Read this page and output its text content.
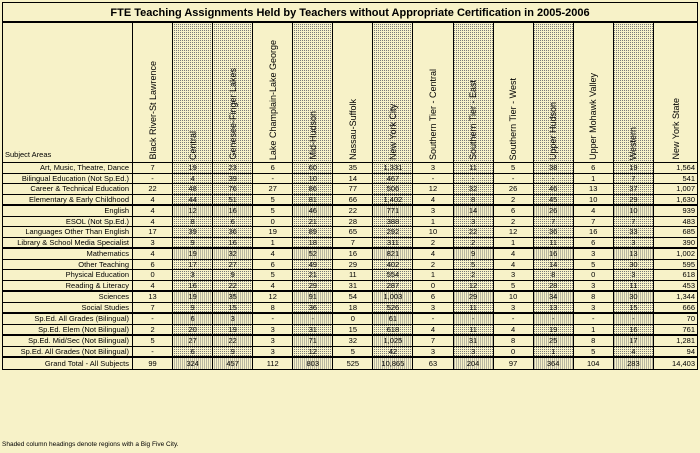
FTE Teaching Assignments Held by Teachers without Appropriate Certification in 2005-2006
Subject Areas	Black River-St Lawrence	Central	Genesee-Finger Lakes	Lake Champlain-Lake George	Mid-Hudson	Nassau-Suffolk	New York City	Southern Tier - Central	Southern Tier - East	Southern Tier - West	Upper Hudson	Upper Mohawk Valley	Western	New York State
Art, Music, Theatre, Dance	7	19	23	6	60	35	1,331	3	11	5	38	6	19	1,564
Bilingual Education (Not Sp.Ed.)	-	4	39	-	10	14	467	-	-	-	-	1	7	541
Career & Technical Education	22	48	76	27	86	77	506	12	32	26	46	13	37	1,007
Elementary & Early Childhood	4	44	51	5	81	66	1,402	4	8	2	45	10	29	1,630
English	4	12	16	5	46	22	771	3	14	6	26	4	10	939
ESOL (Not Sp.Ed.)	4	8	6	0	21	28	388	1	3	2	7	7	7	483
Languages Other Than English	17	39	36	19	89	65	292	10	22	12	36	16	33	685
Library & School Media Specialist	3	9	16	1	18	7	311	2	2	1	11	6	3	390
Mathematics	4	19	32	4	52	16	821	4	9	4	16	3	13	1,002
Other Teaching	6	17	27	6	49	29	402	2	5	4	14	5	30	595
Physical Education	0	3	9	5	21	11	554	1	2	3	8	0	3	618
Reading & Literacy	4	16	22	4	29	31	287	0	12	5	28	3	11	453
Sciences	13	19	35	12	91	54	1,003	6	29	10	34	8	30	1,344
Social Studies	7	9	15	8	36	18	526	3	11	3	13	3	15	666
Sp.Ed. All Grades (Bilingual)	-	6	3	-	-	0	61	-	-	-	-	-	-	70
Sp.Ed. Elem (Not Bilingual)	2	20	19	3	31	15	618	4	11	4	19	1	16	761
Sp.Ed. Mid/Sec (Not Bilingual)	5	27	22	3	71	32	1,025	7	31	8	25	8	17	1,281
Sp.Ed. All Grades (Not Bilingual)	-	6	9	3	12	5	42	3	3	0	1	5	4	94
Grand Total - All Subjects	99	324	457	112	803	525	10,865	63	204	97	364	104	283	14,403
Shaded column headings denote regions with a Big Five City.
